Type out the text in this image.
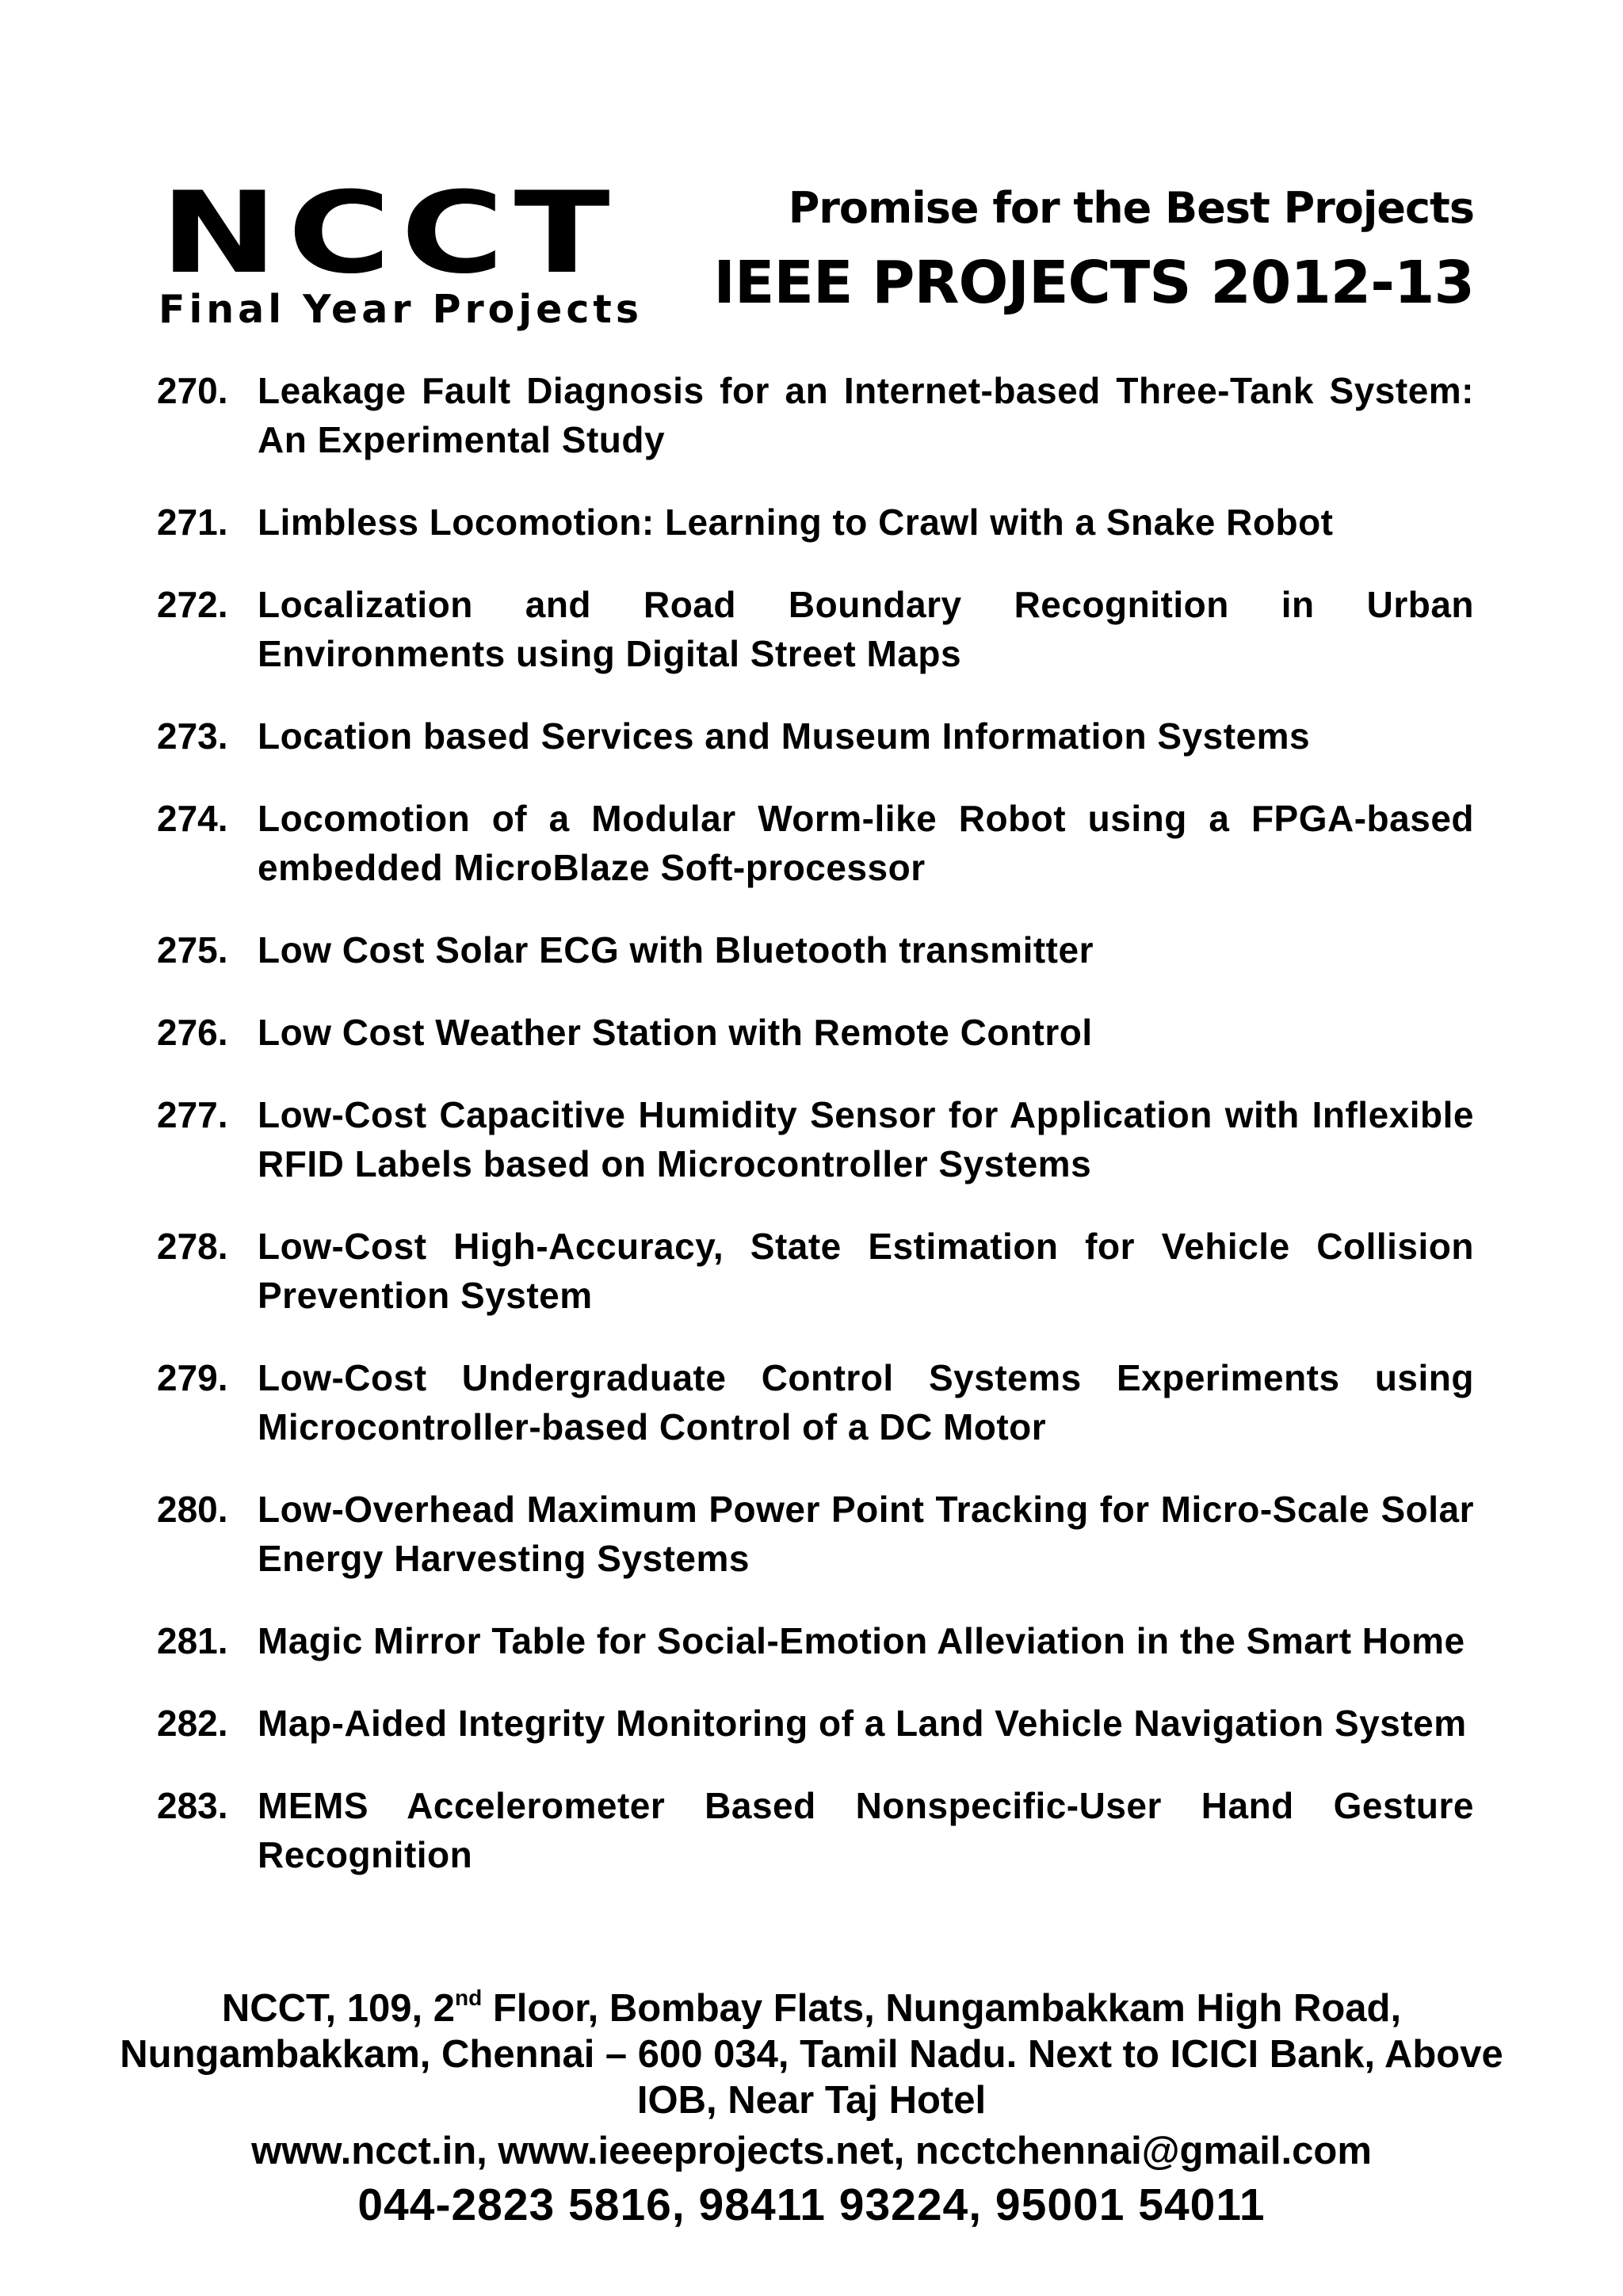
NCCT
Final Year Projects
Promise for the Best Projects
IEEE PROJECTS 2012-13
270. Leakage Fault Diagnosis for an Internet-based Three-Tank System: An Experimental Study
271. Limbless Locomotion: Learning to Crawl with a Snake Robot
272. Localization and Road Boundary Recognition in Urban Environments using Digital Street Maps
273. Location based Services and Museum Information Systems
274. Locomotion of a Modular Worm-like Robot using a FPGA-based embedded MicroBlaze Soft-processor
275. Low Cost Solar ECG with Bluetooth transmitter
276. Low Cost Weather Station with Remote Control
277. Low-Cost Capacitive Humidity Sensor for Application with Inflexible RFID Labels based on Microcontroller Systems
278. Low-Cost High-Accuracy, State Estimation for Vehicle Collision Prevention System
279. Low-Cost Undergraduate Control Systems Experiments using Microcontroller-based Control of a DC Motor
280. Low-Overhead Maximum Power Point Tracking for Micro-Scale Solar Energy Harvesting Systems
281. Magic Mirror Table for Social-Emotion Alleviation in the Smart Home
282. Map-Aided Integrity Monitoring of a Land Vehicle Navigation System
283. MEMS Accelerometer Based Nonspecific-User Hand Gesture Recognition
NCCT, 109, 2nd Floor, Bombay Flats, Nungambakkam High Road, Nungambakkam, Chennai – 600 034, Tamil Nadu. Next to ICICI Bank, Above IOB, Near Taj Hotel
www.ncct.in, www.ieeeprojects.net, ncctchennai@gmail.com
044-2823 5816, 98411 93224, 95001 54011
